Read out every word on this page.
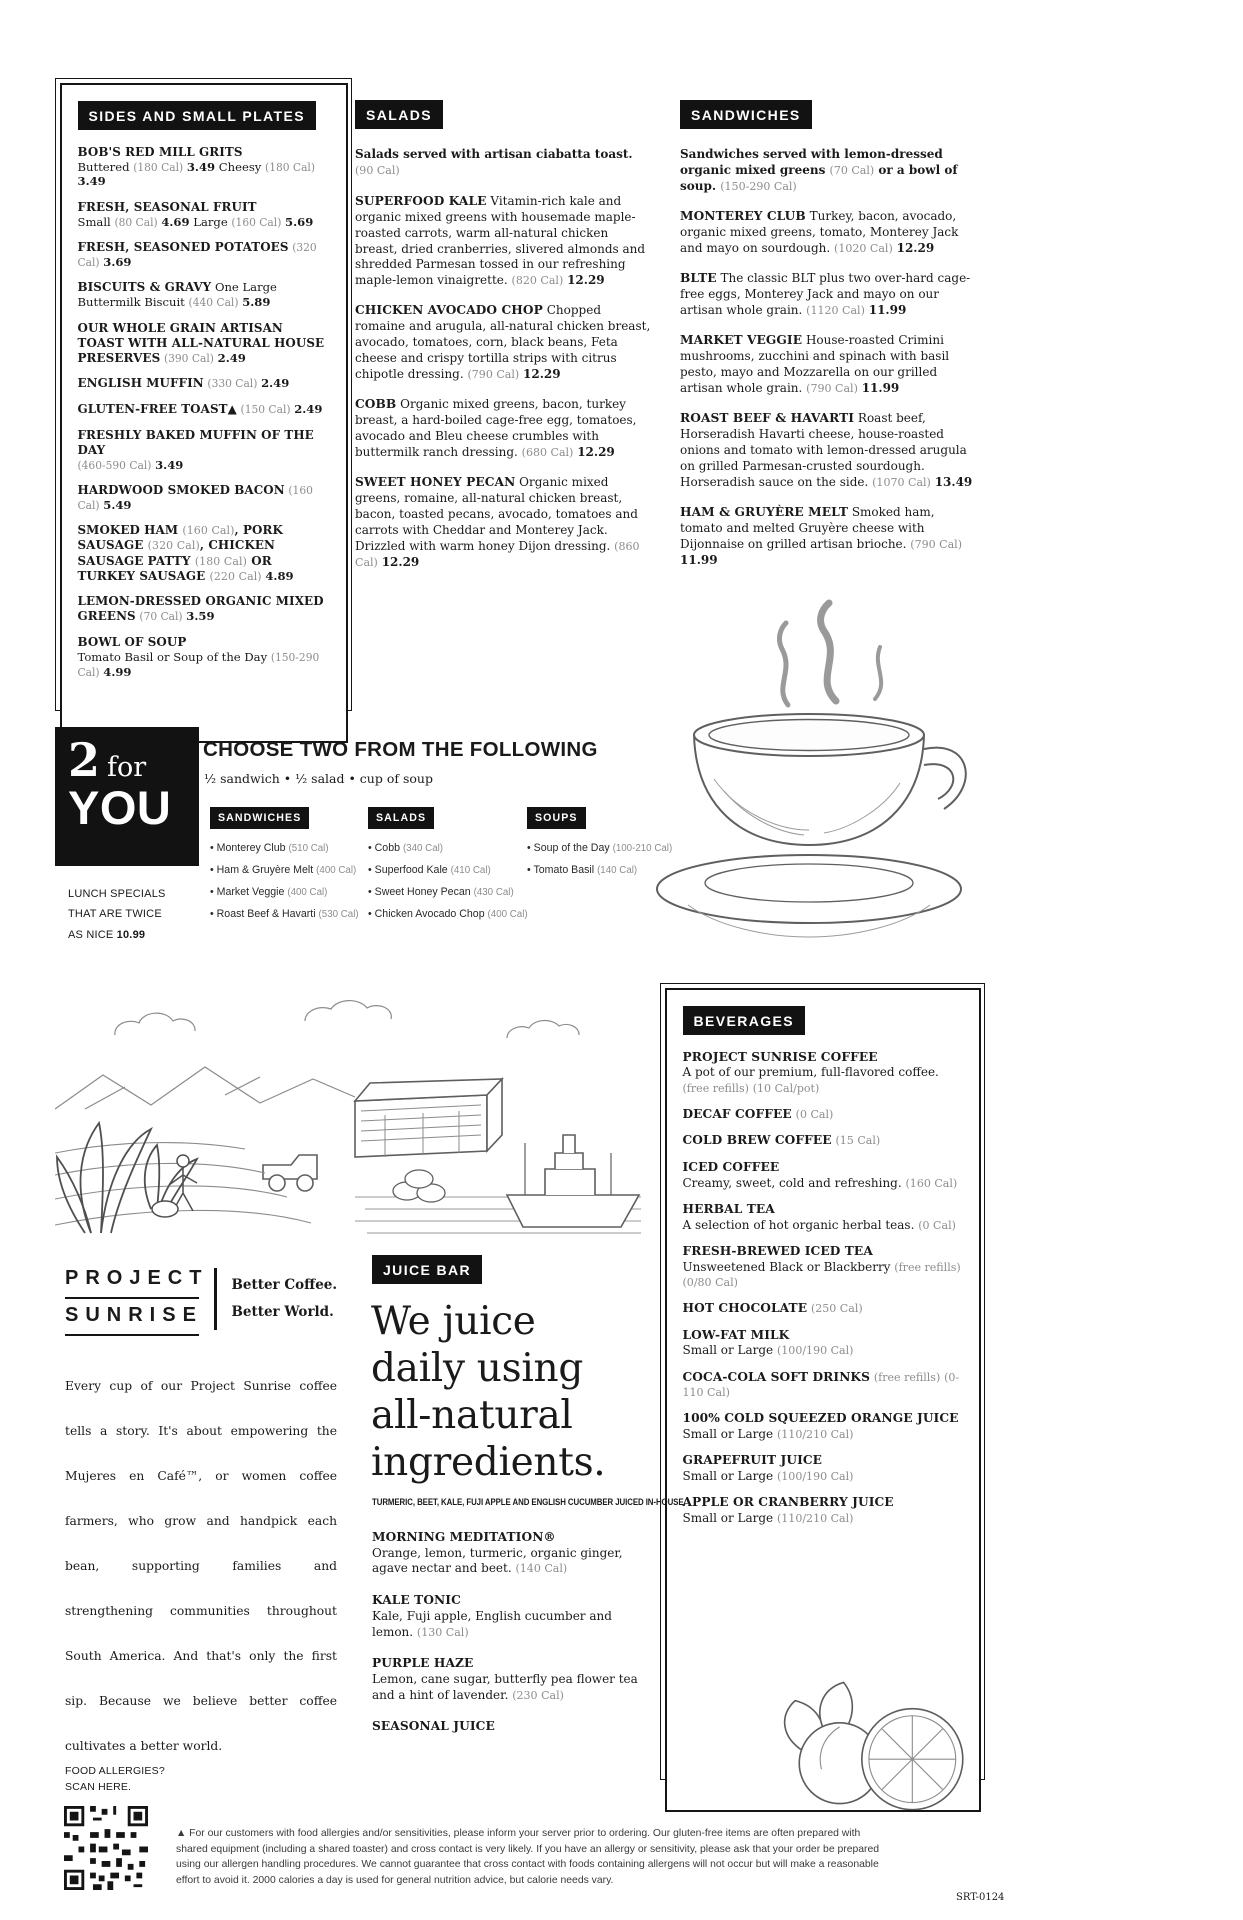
SIDES AND SMALL PLATES

BOB'S RED MILL GRITS
Buttered (180 Cal) 3.49 Cheesy (180 Cal) 3.49

FRESH, SEASONAL FRUIT
Small (80 Cal) 4.69 Large (160 Cal) 5.69

FRESH, SEASONED POTATOES (320 Cal) 3.69

BISCUITS & GRAVY One Large Buttermilk Biscuit (440 Cal) 5.89

OUR WHOLE GRAIN ARTISAN TOAST WITH ALL-NATURAL HOUSE PRESERVES (390 Cal) 2.49

ENGLISH MUFFIN (330 Cal) 2.49

GLUTEN-FREE TOAST▲ (150 Cal) 2.49

FRESHLY BAKED MUFFIN OF THE DAY
(460-590 Cal) 3.49

HARDWOOD SMOKED BACON (160 Cal) 5.49

SMOKED HAM (160 Cal), PORK SAUSAGE (320 Cal), CHICKEN SAUSAGE PATTY (180 Cal) OR TURKEY SAUSAGE (220 Cal) 4.89

LEMON-DRESSED ORGANIC MIXED GREENS (70 Cal) 3.59

BOWL OF SOUP
Tomato Basil or Soup of the Day (150-290 Cal) 4.99

SALADS

Salads served with artisan ciabatta toast. (90 Cal)

SUPERFOOD KALE Vitamin-rich kale and organic mixed greens with housemade maple-roasted carrots, warm all-natural chicken breast, dried cranberries, slivered almonds and shredded Parmesan tossed in our refreshing maple-lemon vinaigrette. (820 Cal) 12.29

CHICKEN AVOCADO CHOP Chopped romaine and arugula, all-natural chicken breast, avocado, tomatoes, corn, black beans, Feta cheese and crispy tortilla strips with citrus chipotle dressing. (790 Cal) 12.29

COBB Organic mixed greens, bacon, turkey breast, a hard-boiled cage-free egg, tomatoes, avocado and Bleu cheese crumbles with buttermilk ranch dressing. (680 Cal) 12.29

SWEET HONEY PECAN Organic mixed greens, romaine, all-natural chicken breast, bacon, toasted pecans, avocado, tomatoes and carrots with Cheddar and Monterey Jack. Drizzled with warm honey Dijon dressing. (860 Cal) 12.29

SANDWICHES

Sandwiches served with lemon-dressed organic mixed greens (70 Cal) or a bowl of soup. (150-290 Cal)

MONTEREY CLUB Turkey, bacon, avocado, organic mixed greens, tomato, Monterey Jack and mayo on sourdough. (1020 Cal) 12.29

BLTE The classic BLT plus two over-hard cage-free eggs, Monterey Jack and mayo on our artisan whole grain. (1120 Cal) 11.99

MARKET VEGGIE House-roasted Crimini mushrooms, zucchini and spinach with basil pesto, mayo and Mozzarella on our grilled artisan whole grain. (790 Cal) 11.99

ROAST BEEF & HAVARTI Roast beef, Horseradish Havarti cheese, house-roasted onions and tomato with lemon-dressed arugula on grilled Parmesan-crusted sourdough. Horseradish sauce on the side. (1070 Cal) 13.49

HAM & GRUYÈRE MELT Smoked ham, tomato and melted Gruyère cheese with Dijonnaise on grilled artisan brioche. (790 Cal) 11.99

2 for
YOU
CHOOSE TWO FROM THE FOLLOWING
½ sandwich • ½ salad • cup of soup
LUNCH SPECIALS
THAT ARE TWICE
AS NICE 10.99
SANDWICHES
• Monterey Club (510 Cal)
• Ham & Gruyère Melt (400 Cal)
• Market Veggie (400 Cal)
• Roast Beef & Havarti (530 Cal)
SALADS
• Cobb (340 Cal)
• Superfood Kale (410 Cal)
• Sweet Honey Pecan (430 Cal)
• Chicken Avocado Chop (400 Cal)
SOUPS
• Soup of the Day (100-210 Cal)
• Tomato Basil (140 Cal)
BEVERAGES

PROJECT SUNRISE COFFEE
A pot of our premium, full-flavored coffee. (free refills) (10 Cal/pot)

DECAF COFFEE (0 Cal)

COLD BREW COFFEE (15 Cal)

ICED COFFEE
Creamy, sweet, cold and refreshing. (160 Cal)

HERBAL TEA
A selection of hot organic herbal teas. (0 Cal)

FRESH-BREWED ICED TEA
Unsweetened Black or Blackberry (free refills) (0/80 Cal)

HOT CHOCOLATE (250 Cal)

LOW-FAT MILK
Small or Large (100/190 Cal)

COCA-COLA SOFT DRINKS (free refills) (0-110 Cal)

100% COLD SQUEEZED ORANGE JUICE
Small or Large (110/210 Cal)

GRAPEFRUIT JUICE
Small or Large (100/190 Cal)

APPLE OR CRANBERRY JUICE
Small or Large (110/210 Cal)

PROJECT
SUNRISE
Better Coffee.
Better World.

Every cup of our Project Sunrise coffee tells a story. It's about empowering the Mujeres en Café™, or women coffee farmers, who grow and handpick each bean, supporting families and strengthening communities throughout South America. And that's only the first sip. Because we believe better coffee cultivates a better world.

JUICE BAR
We juice
daily using
all-natural
ingredients.
TURMERIC, BEET, KALE, FUJI APPLE AND ENGLISH CUCUMBER JUICED IN-HOUSE.

MORNING MEDITATION®
Orange, lemon, turmeric, organic ginger, agave nectar and beet. (140 Cal)

KALE TONIC
Kale, Fuji apple, English cucumber and lemon. (130 Cal)

PURPLE HAZE
Lemon, cane sugar, butterfly pea flower tea and a hint of lavender. (230 Cal)

SEASONAL JUICE

FOOD ALLERGIES?
SCAN HERE.
▲ For our customers with food allergies and/or sensitivities, please inform your server prior to ordering. Our gluten-free items are often prepared with shared equipment (including a shared toaster) and cross contact is very likely. If you have an allergy or sensitivity, please ask that your order be prepared using our allergen handling procedures. We cannot guarantee that cross contact with foods containing allergens will not occur but will make a reasonable effort to avoid it. 2000 calories a day is used for general nutrition advice, but calorie needs vary.
SRT-0124
